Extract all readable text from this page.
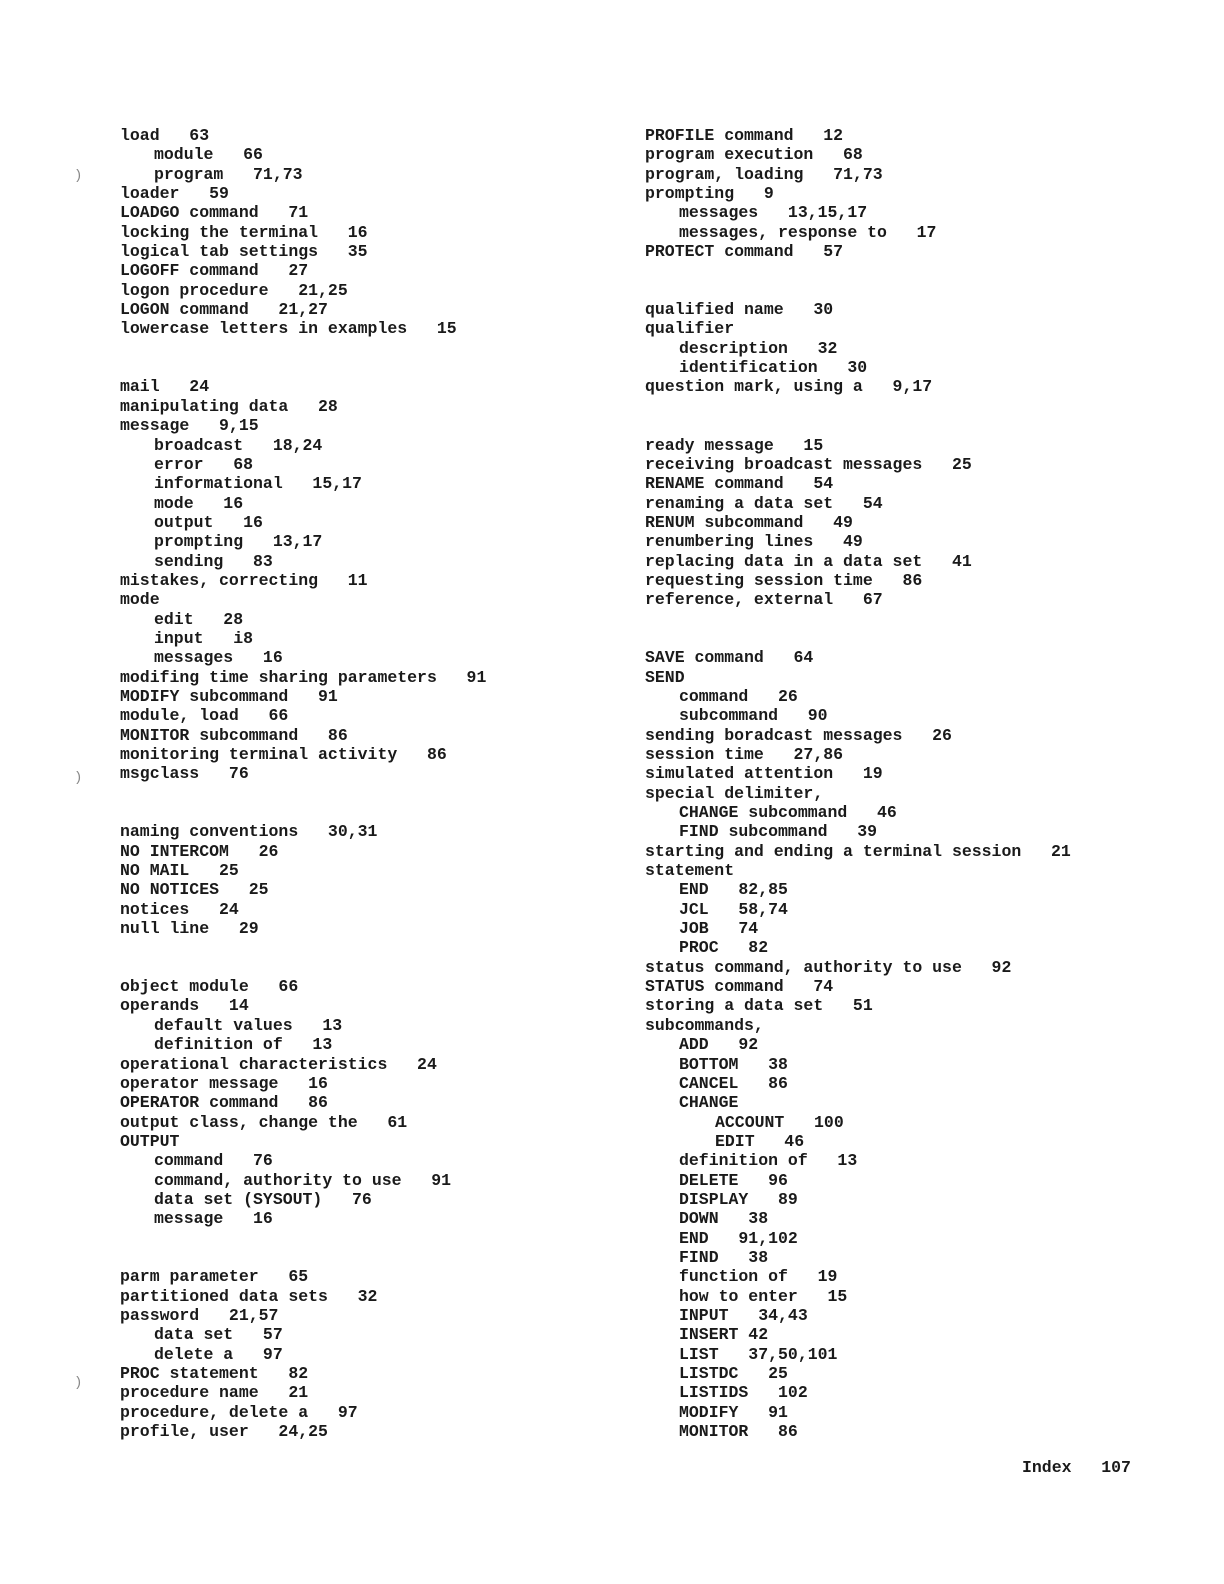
load   63
module   66
program   71,73
loader   59
LOADGO command   71
locking the terminal   16
logical tab settings   35
LOGOFF command   27
logon procedure   21,25
LOGON command   21,27
lowercase letters in examples   15
mail   24
manipulating data   28
message   9,15
broadcast   18,24
error   68
informational   15,17
mode   16
output   16
prompting   13,17
sending   83
mistakes, correcting   11
mode
edit   28
input   i8
messages   16
modifing time sharing parameters   91
MODIFY subcommand   91
module, load   66
MONITOR subcommand   86
monitoring terminal activity   86
msgclass   76
naming conventions   30,31
NO INTERCOM   26
NO MAIL   25
NO NOTICES   25
notices   24
null line   29
object module   66
operands   14
default values   13
definition of   13
operational characteristics   24
operator message   16
OPERATOR command   86
output class, change the   61
OUTPUT
command   76
command, authority to use   91
data set (SYSOUT)   76
message   16
parm parameter   65
partitioned data sets   32
password   21,57
data set   57
delete a   97
PROC statement   82
procedure name   21
procedure, delete a   97
profile, user   24,25
PROFILE command   12
program execution   68
program, loading   71,73
prompting   9
messages   13,15,17
messages, response to   17
PROTECT command   57
qualified name   30
qualifier
description   32
identification   30
question mark, using a   9,17
ready message   15
receiving broadcast messages   25
RENAME command   54
renaming a data set   54
RENUM subcommand   49
renumbering lines   49
replacing data in a data set   41
requesting session time   86
reference, external   67
SAVE command   64
SEND
command   26
subcommand   90
sending boradcast messages   26
session time   27,86
simulated attention   19
special delimiter,
CHANGE subcommand   46
FIND subcommand   39
starting and ending a terminal session   21
statement
END   82,85
JCL   58,74
JOB   74
PROC   82
status command, authority to use   92
STATUS command   74
storing a data set   51
subcommands,
ADD   92
BOTTOM   38
CANCEL   86
CHANGE
ACCOUNT   100
EDIT   46
definition of   13
DELETE   96
DISPLAY   89
DOWN   38
END   91,102
FIND   38
function of   19
how to enter   15
INPUT   34,43
INSERT 42
LIST   37,50,101
LISTDC   25
LISTIDS   102
MODIFY   91
MONITOR   86
)
)
)
Index 107
